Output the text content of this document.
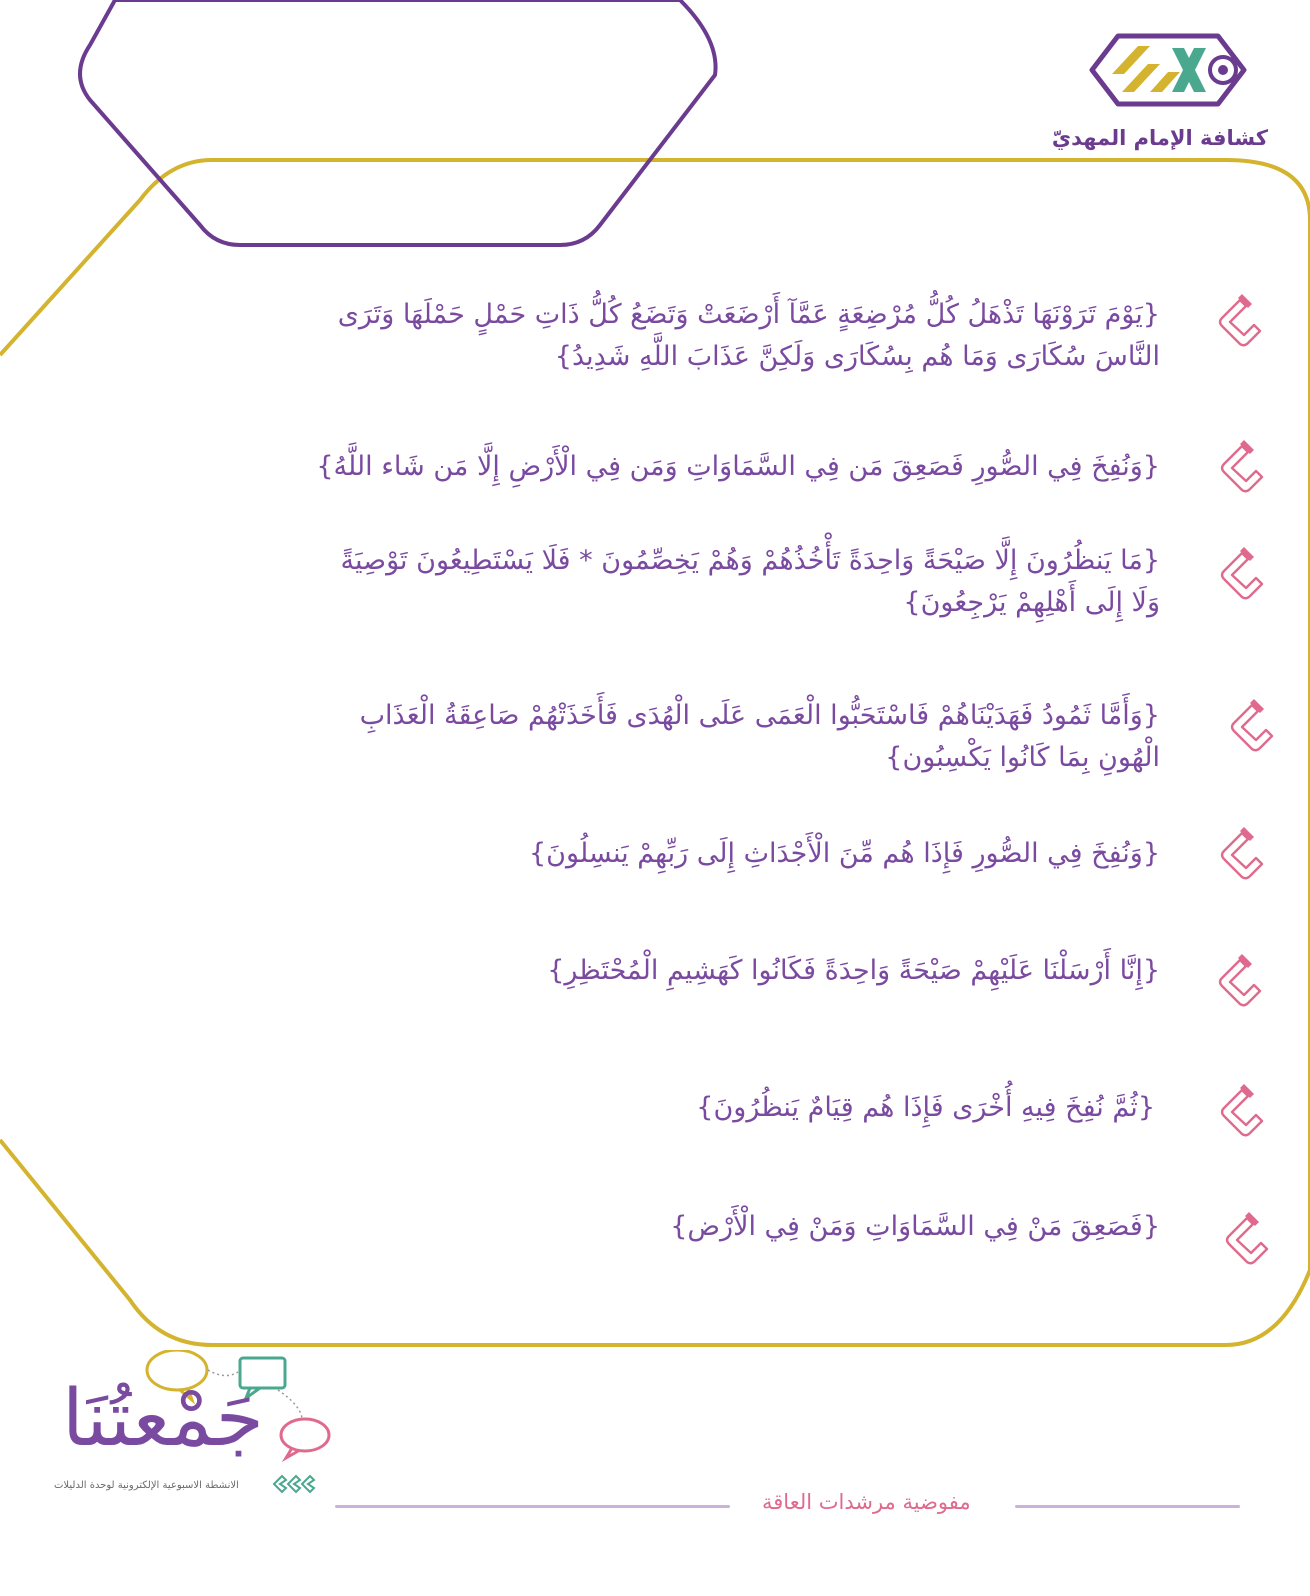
كشافة الإمام المهديّ
{يَوْمَ تَرَوْنَهَا تَذْهَلُ كُلُّ مُرْضِعَةٍ عَمَّآ أَرْضَعَتْ وَتَضَعُ كُلُّ ذَاتِ حَمْلٍ حَمْلَهَا وَتَرَى
النَّاسَ سُكَارَى وَمَا هُم بِسُكَارَى وَلَكِنَّ عَذَابَ اللَّهِ شَدِيدُ}
{وَنُفِخَ فِي الصُّورِ فَصَعِقَ مَن فِي السَّمَاوَاتِ وَمَن فِي الْأَرْضِ إِلَّا مَن شَاء اللَّهُ}
{مَا يَنظُرُونَ إِلَّا صَيْحَةً وَاحِدَةً تَأْخُذُهُمْ وَهُمْ يَخِصِّمُونَ * فَلَا يَسْتَطِيعُونَ تَوْصِيَةً
وَلَا إِلَى أَهْلِهِمْ يَرْجِعُونَ}
{وَأَمَّا ثَمُودُ فَهَدَيْنَاهُمْ فَاسْتَحَبُّوا الْعَمَى عَلَى الْهُدَى فَأَخَذَتْهُمْ صَاعِقَةُ الْعَذَابِ
الْهُونِ بِمَا كَانُوا يَكْسِبُون}
{وَنُفِخَ فِي الصُّورِ فَإِذَا هُم مِّنَ الْأَجْدَاثِ إِلَى رَبِّهِمْ يَنسِلُونَ}
{إِنَّا أَرْسَلْنَا عَلَيْهِمْ صَيْحَةً وَاحِدَةً فَكَانُوا كَهَشِيمِ الْمُحْتَظِرِ}
{ثُمَّ نُفِخَ فِيهِ أُخْرَى فَإِذَا هُم قِيَامٌ يَنظُرُونَ}
{فَصَعِقَ مَنْ فِي السَّمَاوَاتِ وَمَنْ فِي الْأَرْض}
مفوضية مرشدات العاقة
جَمْعتُنَا
الانشطة الاسبوعية الإلكترونية لوحدة الدليلات
